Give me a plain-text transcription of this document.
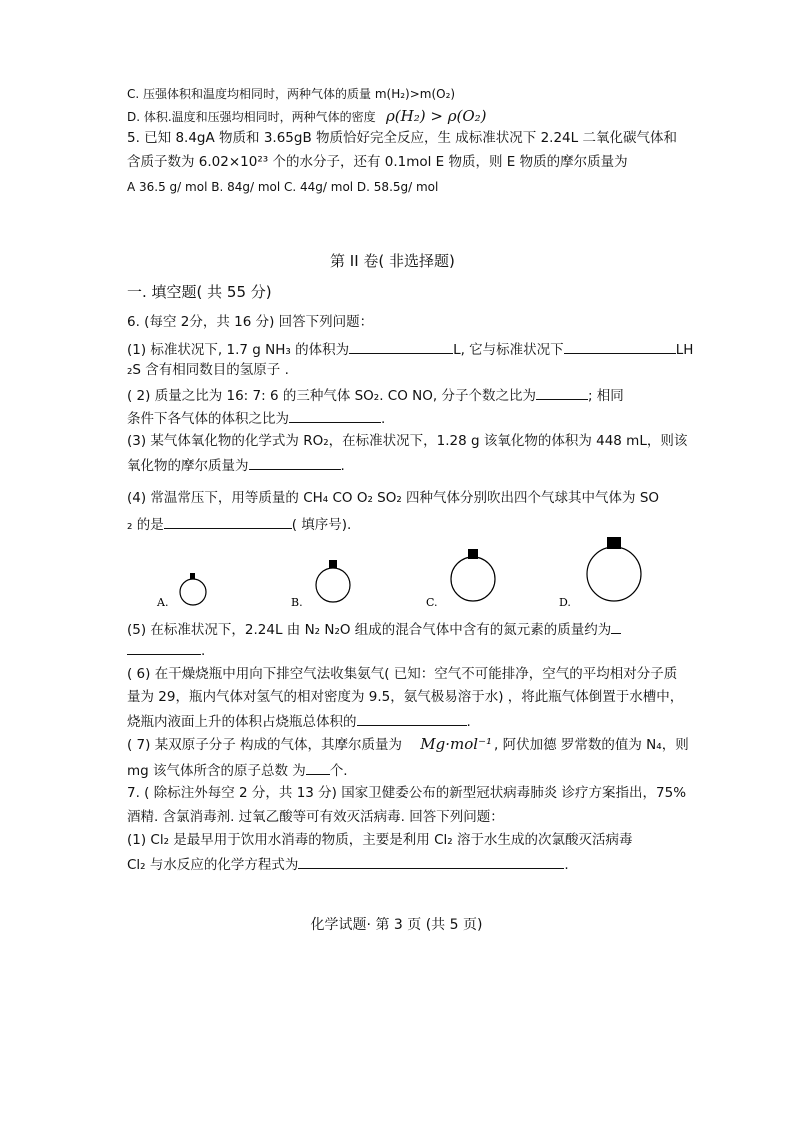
C. 压强体积和温度均相同时，两种气体的质量 m(H₂)>m(O₂)
D. 体积.温度和压强均相同时，两种气体的密度 ρ(H₂) > ρ(O₂)
5. 已知 8.4gA 物质和 3.65gB 物质恰好完全反应，生 成标准状况下 2.24L 二氧化碳气体和
含质子数为 6.02×10²³ 个的水分子，还有 0.1mol E 物质，则 E 物质的摩尔质量为
A 36.5 g/ mol B. 84g/ mol C. 44g/ mol D. 58.5g/ mol
第 II 卷( 非选择题)
一. 填空题( 共 55 分)
6. (每空 2分，共 16 分) 回答下列问题：
(1) 标准状况下, 1.7 g NH₃ 的体积为	L, 它与标准状况下	LH
₂S 含有相同数目的氢原子 .
( 2) 质量之比为 16: 7: 6 的三种气体 SO₂. CO NO, 分子个数之比为	; 相同
条件下各气体的体积之比为	.
(3) 某气体氧化物的化学式为 RO₂，在标准状况下，1.28 g 该氧化物的体积为 448 mL，则该
氧化物的摩尔质量为	.
(4) 常温常压下，用等质量的 CH₄ CO O₂ SO₂ 四种气体分别吹出四个气球其中气体为 SO
₂ 的是	( 填序号).
A.	B.	C.	D.
(5) 在标准状况下，2.24L 由 N₂ N₂O 组成的混合气体中含有的氮元素的质量约为
.
( 6) 在干燥烧瓶中用向下排空气法收集氨气( 已知：空气不可能排净，空气的平均相对分子质
量为 29，瓶内气体对氢气的相对密度为 9.5，氨气极易溶于水) ，将此瓶气体倒置于水槽中，
烧瓶内液面上升的体积占烧瓶总体积的	.
( 7) 某双原子分子 构成的气体，其摩尔质量为 Mg·mol⁻¹ , 阿伏加德 罗常数的值为 N₄，则
mg 该气体所含的原子总数 为 个.
7. ( 除标注外每空 2 分，共 13 分) 国家卫健委公布的新型冠状病毒肺炎 诊疗方案指出，75%
酒精. 含氯消毒剂. 过氧乙酸等可有效灭活病毒. 回答下列问题：
(1) Cl₂ 是最早用于饮用水消毒的物质，主要是利用 Cl₂ 溶于水生成的次氯酸灭活病毒
Cl₂ 与水反应的化学方程式为	.
化学试题· 第 3 页 (共 5 页)
